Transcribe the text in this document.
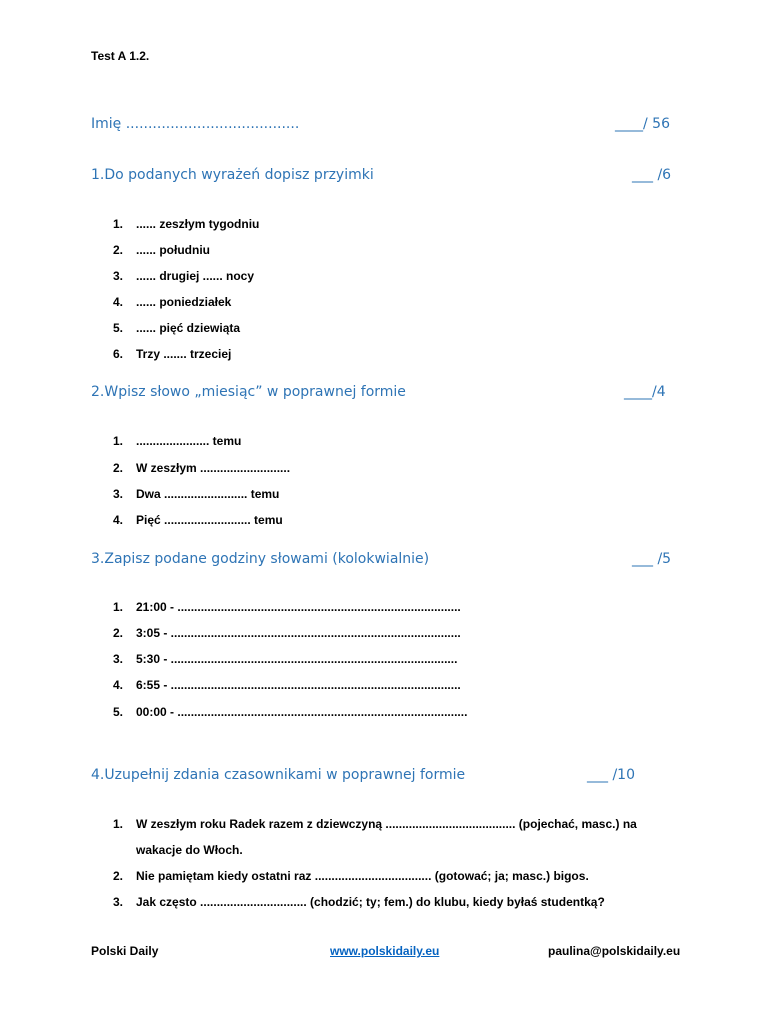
Test A 1.2.
Imię .......................................	____/ 56
1.Do podanych wyrażeń dopisz przyimki	___ /6
1. ...... zeszłym tygodniu
2. ...... południu
3. ...... drugiej ...... nocy
4. ...... poniedziałek
5. ...... pięć dziewiąta
6. Trzy ....... trzeciej
2.Wpisz słowo „miesiąc” w poprawnej formie	____/4
1. ...................... temu
2. W zeszłym ...........................
3. Dwa ......................... temu
4. Pięć .......................... temu
3.Zapisz podane godziny słowami (kolokwialnie)	___ /5
1. 21:00 - .....................................................................................
2. 3:05 - .......................................................................................
3. 5:30 - ......................................................................................
4. 6:55 - .......................................................................................
5. 00:00 - .......................................................................................
4.Uzupełnij zdania czasownikami w poprawnej formie	___ /10
1. W zeszłym roku Radek razem z dziewczyną ....................................... (pojechać, masc.) na
wakacje do Włoch.
2. Nie pamiętam kiedy ostatni raz ................................... (gotować; ja; masc.) bigos.
3. Jak często ................................ (chodzić; ty; fem.) do klubu, kiedy byłaś studentką?
Polski Daily	www.polskidaily.eu	paulina@polskidaily.eu
